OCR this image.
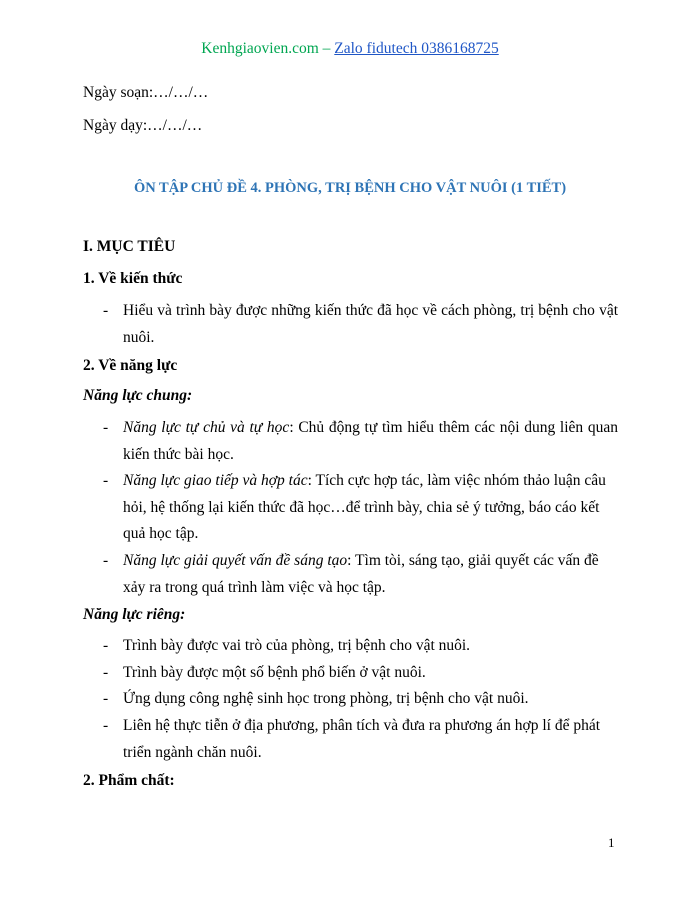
Kenhgiaovien.com – Zalo fidutech 0386168725
Ngày soạn:…/…/…
Ngày dạy:…/…/…
ÔN TẬP CHỦ ĐỀ 4. PHÒNG, TRỊ BỆNH CHO VẬT NUÔI (1 TIẾT)
I. MỤC TIÊU
1. Về kiến thức
- Hiểu và trình bày được những kiến thức đã học về cách phòng, trị bệnh cho vật
nuôi.
2. Về năng lực
Năng lực chung:
- Năng lực tự chủ và tự học: Chủ động tự tìm hiểu thêm các nội dung liên quan
kiến thức bài học.
- Năng lực giao tiếp và hợp tác: Tích cực hợp tác, làm việc nhóm thảo luận câu
hỏi, hệ thống lại kiến thức đã học…để trình bày, chia sẻ ý tưởng, báo cáo kết
quả học tập.
- Năng lực giải quyết vấn đề sáng tạo: Tìm tòi, sáng tạo, giải quyết các vấn đề
xảy ra trong quá trình làm việc và học tập.
Năng lực riêng:
- Trình bày được vai trò của phòng, trị bệnh cho vật nuôi.
- Trình bày được một số bệnh phổ biến ở vật nuôi.
- Ứng dụng công nghệ sinh học trong phòng, trị bệnh cho vật nuôi.
- Liên hệ thực tiễn ở địa phương, phân tích và đưa ra phương án hợp lí để phát
triển ngành chăn nuôi.
2. Phẩm chất:
1
